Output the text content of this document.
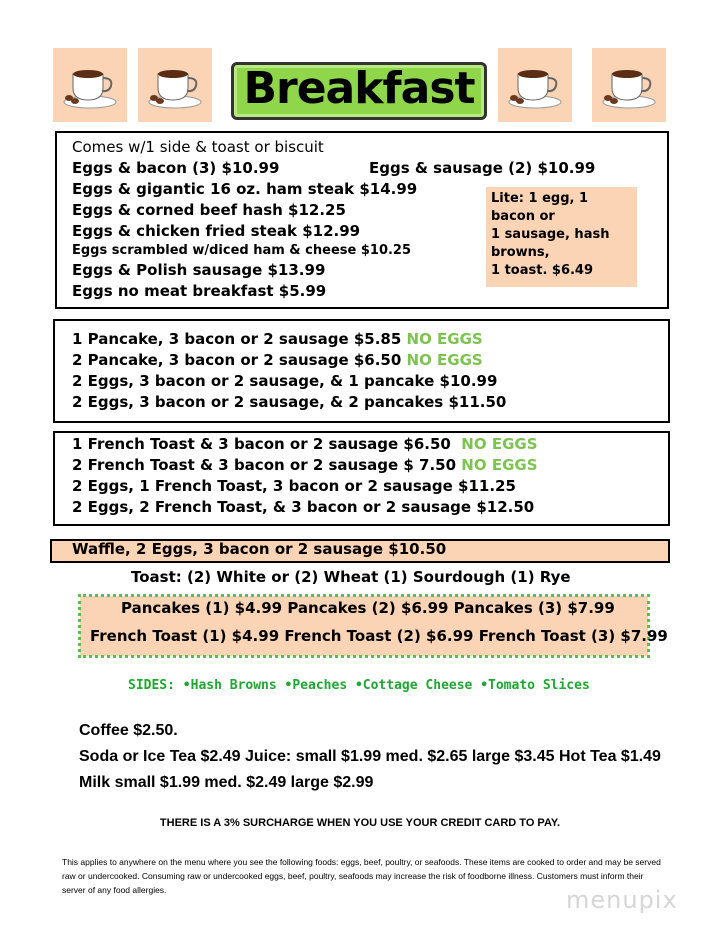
Breakfast
Comes w/1 side & toast or biscuit
Eggs & bacon (3) $10.99	Eggs & sausage (2) $10.99
Eggs & gigantic 16 oz. ham steak $14.99
Eggs & corned beef hash $12.25
Eggs & chicken fried steak $12.99
Eggs scrambled w/diced ham & cheese $10.25
Eggs & Polish sausage $13.99
Eggs no meat breakfast $5.99
Lite: 1 egg, 1
bacon or
1 sausage, hash
browns,
1 toast. $6.49
1 Pancake, 3 bacon or 2 sausage $5.85 NO EGGS
2 Pancake, 3 bacon or 2 sausage $6.50 NO EGGS
2 Eggs, 3 bacon or 2 sausage, & 1 pancake $10.99
2 Eggs, 3 bacon or 2 sausage, & 2 pancakes $11.50
1 French Toast & 3 bacon or 2 sausage $6.50 NO EGGS
2 French Toast & 3 bacon or 2 sausage $ 7.50 NO EGGS
2 Eggs, 1 French Toast, 3 bacon or 2 sausage $11.25
2 Eggs, 2 French Toast, & 3 bacon or 2 sausage $12.50
Waffle, 2 Eggs, 3 bacon or 2 sausage $10.50
Toast: (2) White or (2) Wheat (1) Sourdough (1) Rye
Pancakes (1) $4.99 Pancakes (2) $6.99 Pancakes (3) $7.99
French Toast (1) $4.99 French Toast (2) $6.99 French Toast (3) $7.99
SIDES: •Hash Browns •Peaches •Cottage Cheese •Tomato Slices
Coffee $2.50.
Soda or Ice Tea $2.49 Juice: small $1.99 med. $2.65 large $3.45 Hot Tea $1.49
Milk small $1.99 med. $2.49 large $2.99
THERE IS A 3% SURCHARGE WHEN YOU USE YOUR CREDIT CARD TO PAY.
This applies to anywhere on the menu where you see the following foods: eggs, beef, poultry, or seafoods. These items are cooked to order and may be served raw or undercooked. Consuming raw or undercooked eggs, beef, poultry, seafoods may increase the risk of foodborne illness. Customers must inform their server of any food allergies.	menupix
